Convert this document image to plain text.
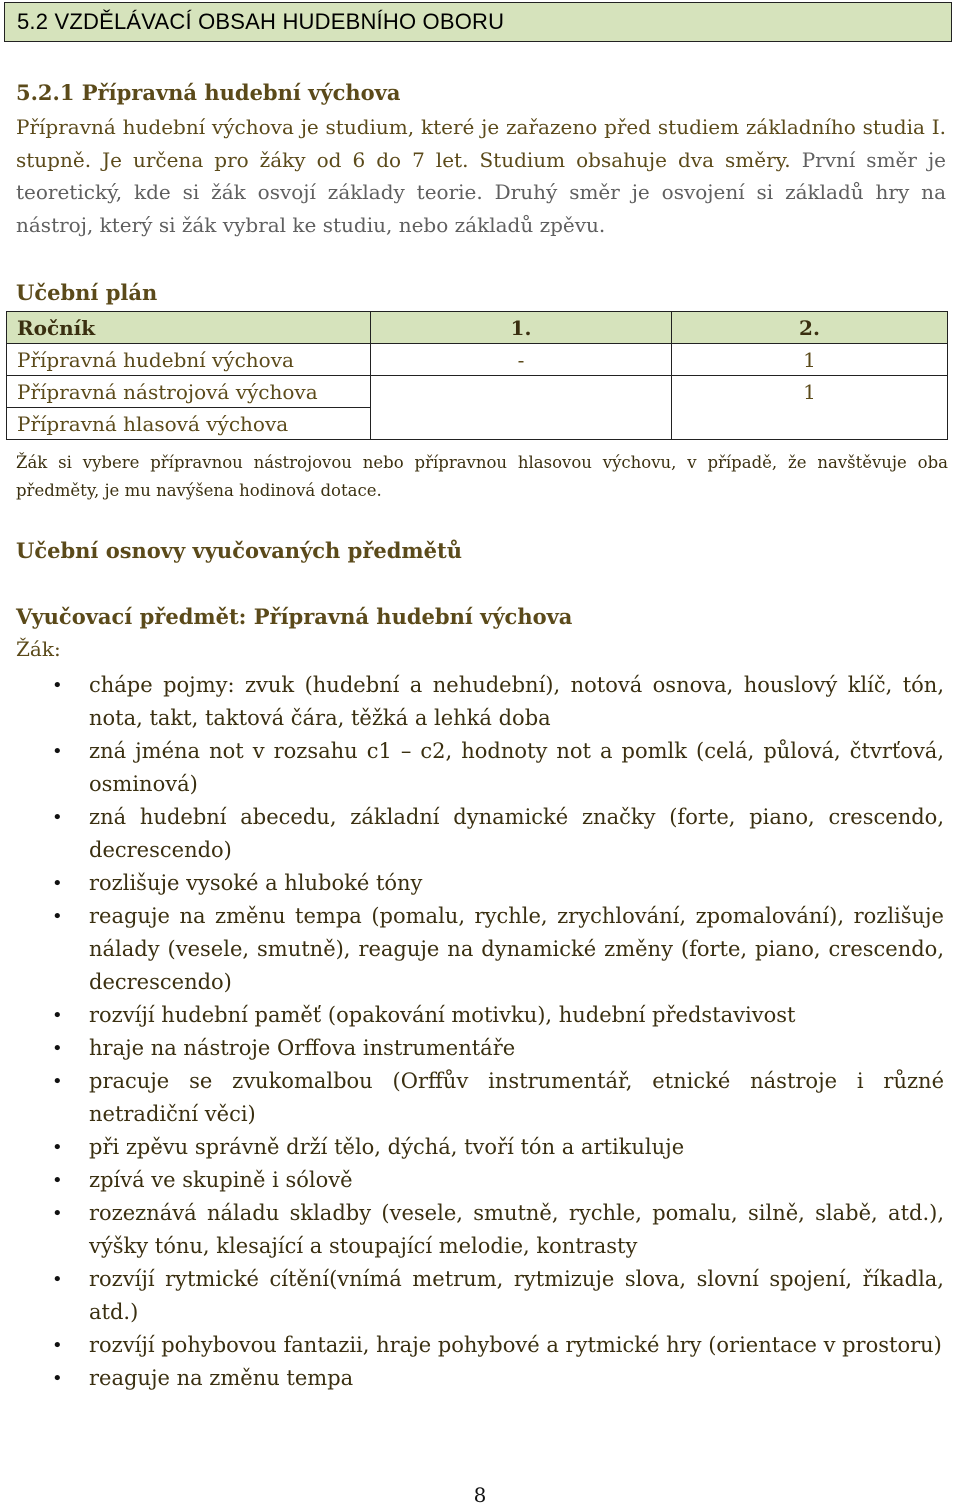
5.2 VZDĚLÁVACÍ OBSAH HUDEBNÍHO OBORU
5.2.1 Přípravná hudební výchova
Přípravná hudební výchova je studium, které je zařazeno před studiem základního studia I. stupně. Je určena pro žáky od 6 do 7 let. Studium obsahuje dva směry. První směr je teoretický, kde si žák osvojí základy teorie. Druhý směr je osvojení si základů hry na nástroj, který si žák vybral ke studiu, nebo základů zpěvu.
Učební plán
Ročník	1.	2.
Přípravná hudební výchova	-	1
Přípravná nástrojová výchova		1
Přípravná hlasová výchova		
Žák si vybere přípravnou nástrojovou nebo přípravnou hlasovou výchovu, v případě, že navštěvuje oba předměty, je mu navýšena hodinová dotace.
Učební osnovy vyučovaných předmětů
Vyučovací předmět: Přípravná hudební výchova
Žák:
• chápe pojmy: zvuk (hudební a nehudební), notová osnova, houslový klíč, tón, nota, takt, taktová čára, těžká a lehká doba
• zná jména not v rozsahu c1 – c2, hodnoty not a pomlk (celá, půlová, čtvrťová, osminová)
• zná hudební abecedu, základní dynamické značky (forte, piano, crescendo, decrescendo)
• rozlišuje vysoké a hluboké tóny
• reaguje na změnu tempa (pomalu, rychle, zrychlování, zpomalování), rozlišuje nálady (vesele, smutně), reaguje na dynamické změny (forte, piano, crescendo, decrescendo)
• rozvíjí hudební paměť (opakování motivku), hudební představivost
• hraje na nástroje Orffova instrumentáře
• pracuje se zvukomalbou (Orffův instrumentář, etnické nástroje i různé netradiční věci)
• při zpěvu správně drží tělo, dýchá, tvoří tón a artikuluje
• zpívá ve skupině i sólově
• rozeznává náladu skladby (vesele, smutně, rychle, pomalu, silně, slabě, atd.), výšky tónu, klesající a stoupající melodie, kontrasty
• rozvíjí rytmické cítění(vnímá metrum, rytmizuje slova, slovní spojení, říkadla, atd.)
• rozvíjí pohybovou fantazii, hraje pohybové a rytmické hry (orientace v prostoru)
• reaguje na změnu tempa
8
